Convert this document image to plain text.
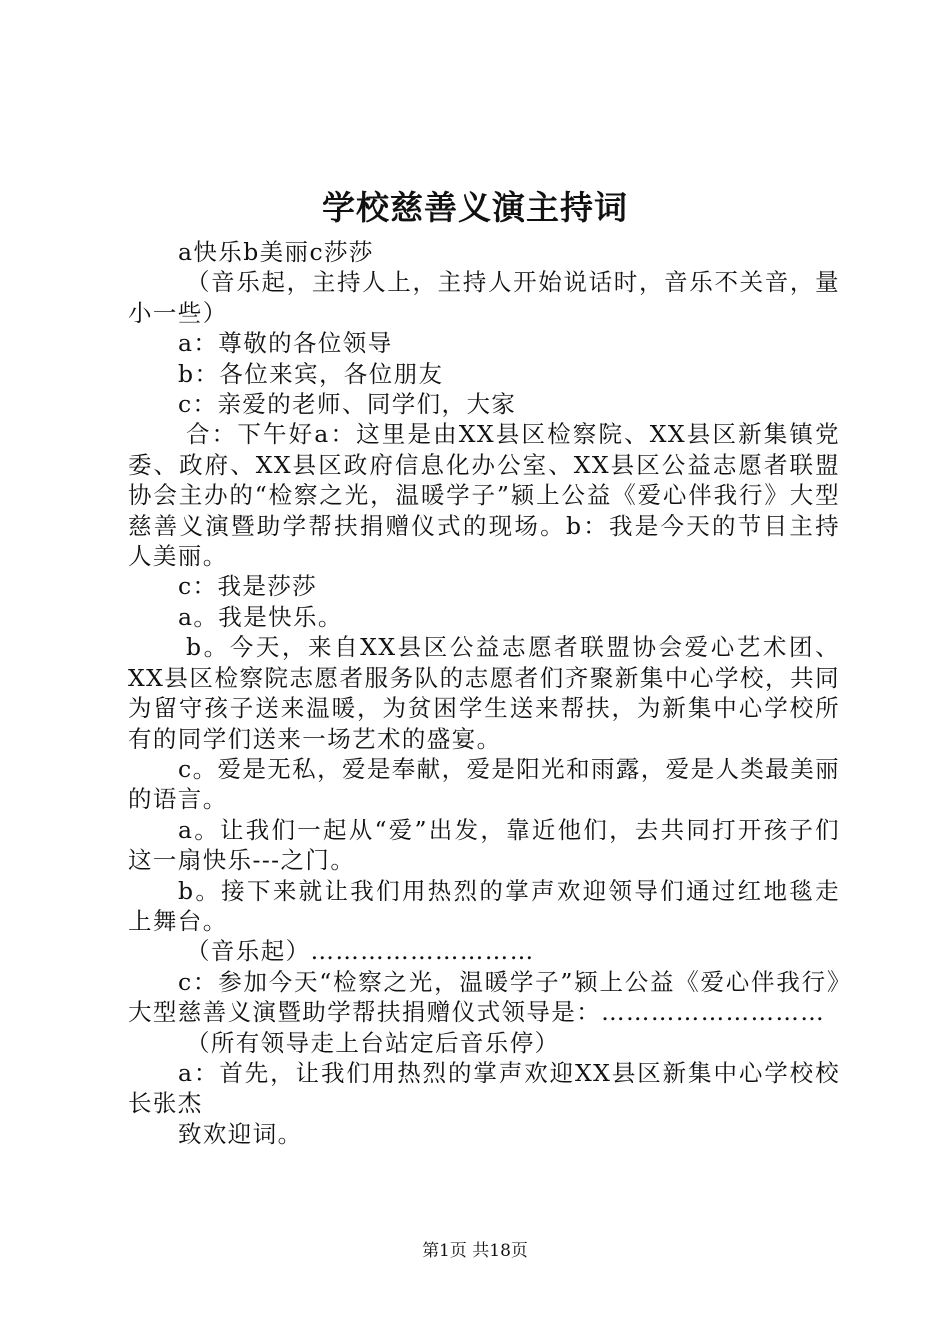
学校慈善义演主持词

a快乐b美丽c莎莎

（音乐起，主持人上，主持人开始说话时，音乐不关音，量小一些）

a：尊敬的各位领导

b：各位来宾，各位朋友

c：亲爱的老师、同学们，大家

合：下午好a：这里是由XX县区检察院、XX县区新集镇党委、政府、XX县区政府信息化办公室、XX县区公益志愿者联盟协会主办的“检察之光，温暖学子”颍上公益《爱心伴我行》大型慈善义演暨助学帮扶捐赠仪式的现场。b：我是今天的节目主持人美丽。

c：我是莎莎

a。我是快乐。

b。今天，来自XX县区公益志愿者联盟协会爱心艺术团、XX县区检察院志愿者服务队的志愿者们齐聚新集中心学校，共同为留守孩子送来温暖，为贫困学生送来帮扶，为新集中心学校所有的同学们送来一场艺术的盛宴。

c。爱是无私，爱是奉献，爱是阳光和雨露，爱是人类最美丽的语言。

a。让我们一起从“爱”出发，靠近他们，去共同打开孩子们这一扇快乐---之门。

b。接下来就让我们用热烈的掌声欢迎领导们通过红地毯走上舞台。

（音乐起）………………………

c：参加今天“检察之光，温暖学子”颍上公益《爱心伴我行》大型慈善义演暨助学帮扶捐赠仪式领导是：………………………

（所有领导走上台站定后音乐停）

a：首先，让我们用热烈的掌声欢迎XX县区新集中心学校校长张杰

致欢迎词。

第1页 共18页
